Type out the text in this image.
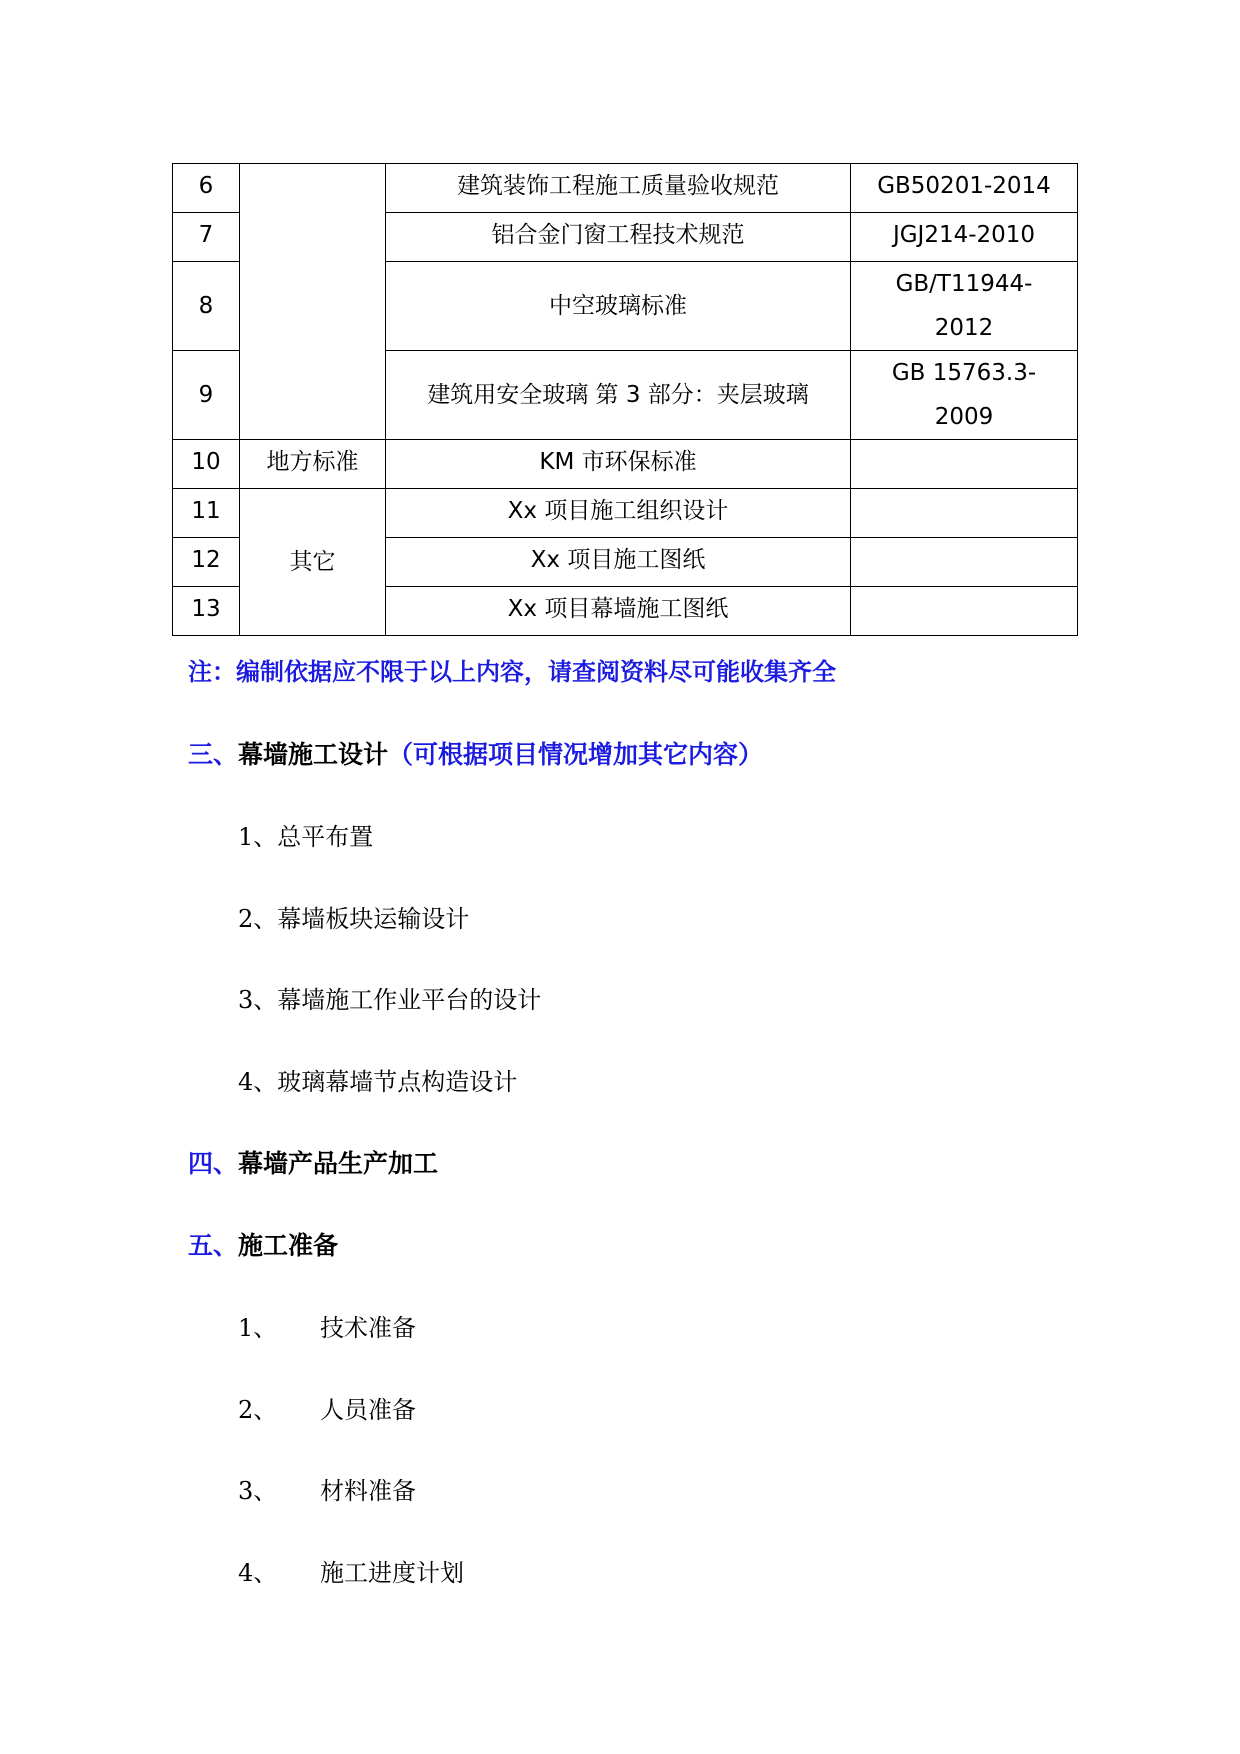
6		建筑装饰工程施工质量验收规范	GB50201-2014
7		铝合金门窗工程技术规范	JGJ214-2010
8		中空玻璃标准	GB/T11944-
2012

9		建筑用安全玻璃 第 3 部分：夹层玻璃	GB 15763.3-
2009

10	地方标准	KM 市环保标准	
11	其它	Xx 项目施工组织设计	
12		Xx 项目施工图纸	
13		Xx 项目幕墙施工图纸	
注：编制依据应不限于以上内容，请查阅资料尽可能收集齐全
三、幕墙施工设计（可根据项目情况增加其它内容）
1、总平布置
2、幕墙板块运输设计
3、幕墙施工作业平台的设计
4、玻璃幕墙节点构造设计
四、幕墙产品生产加工
五、施工准备
1、 技术准备
2、 人员准备
3、 材料准备
4、 施工进度计划
